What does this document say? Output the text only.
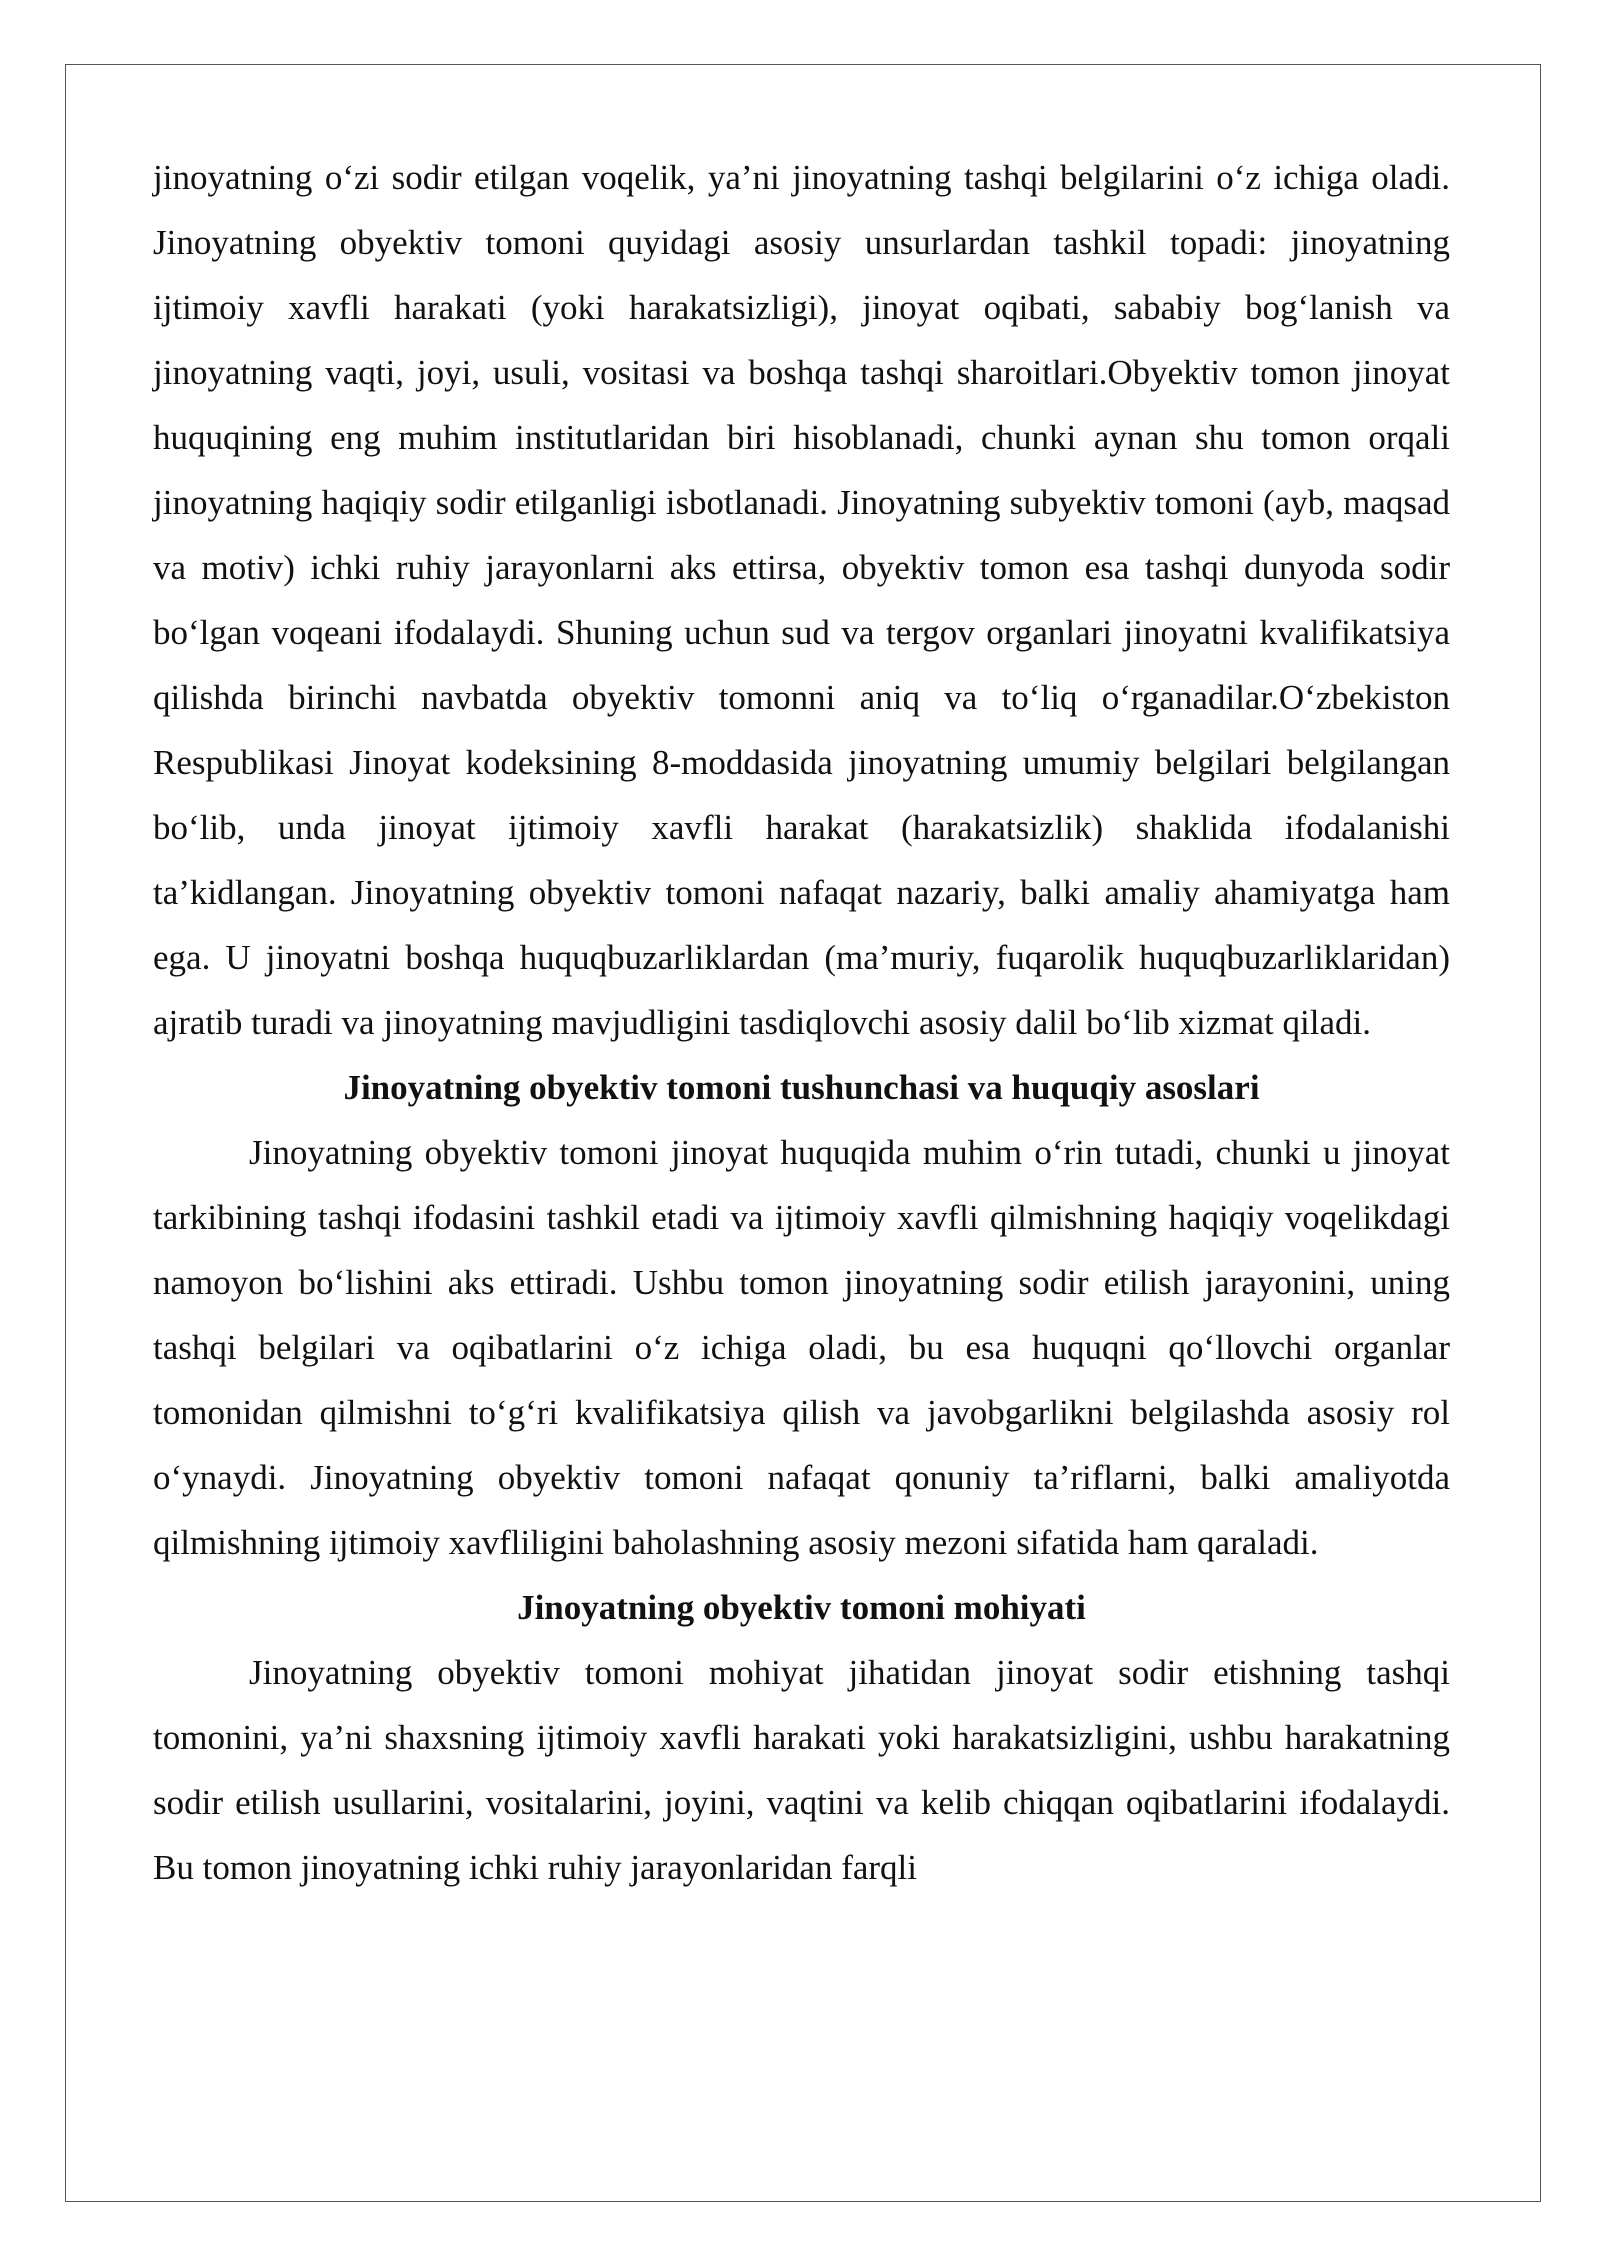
jinoyatning o‘zi sodir etilgan voqelik, ya’ni jinoyatning tashqi belgilarini o‘z ichiga oladi. Jinoyatning obyektiv tomoni quyidagi asosiy unsurlardan tashkil topadi: jinoyatning ijtimoiy xavfli harakati (yoki harakatsizligi), jinoyat oqibati, sababiy bog‘lanish va jinoyatning vaqti, joyi, usuli, vositasi va boshqa tashqi sharoitlari.Obyektiv tomon jinoyat huquqining eng muhim institutlaridan biri hisoblanadi, chunki aynan shu tomon orqali jinoyatning haqiqiy sodir etilganligi isbotlanadi. Jinoyatning subyektiv tomoni (ayb, maqsad va motiv) ichki ruhiy jarayonlarni aks ettirsa, obyektiv tomon esa tashqi dunyoda sodir bo‘lgan voqeani ifodalaydi. Shuning uchun sud va tergov organlari jinoyatni kvalifikatsiya qilishda birinchi navbatda obyektiv tomonni aniq va to‘liq o‘rganadilar.O‘zbekiston Respublikasi Jinoyat kodeksining 8-moddasida jinoyatning umumiy belgilari belgilangan bo‘lib, unda jinoyat ijtimoiy xavfli harakat (harakatsizlik) shaklida ifodalanishi ta’kidlangan. Jinoyatning obyektiv tomoni nafaqat nazariy, balki amaliy ahamiyatga ham ega. U jinoyatni boshqa huquqbuzarliklardan (ma’muriy, fuqarolik huquqbuzarliklaridan) ajratib turadi va jinoyatning mavjudligini tasdiqlovchi asosiy dalil bo‘lib xizmat qiladi.

Jinoyatning obyektiv tomoni tushunchasi va huquqiy asoslari

Jinoyatning obyektiv tomoni jinoyat huquqida muhim o‘rin tutadi, chunki u jinoyat tarkibining tashqi ifodasini tashkil etadi va ijtimoiy xavfli qilmishning haqiqiy voqelikdagi namoyon bo‘lishini aks ettiradi. Ushbu tomon jinoyatning sodir etilish jarayonini, uning tashqi belgilari va oqibatlarini o‘z ichiga oladi, bu esa huquqni qo‘llovchi organlar tomonidan qilmishni to‘g‘ri kvalifikatsiya qilish va javobgarlikni belgilashda asosiy rol o‘ynaydi. Jinoyatning obyektiv tomoni nafaqat qonuniy ta’riflarni, balki amaliyotda qilmishning ijtimoiy xavfliligini baholashning asosiy mezoni sifatida ham qaraladi.

Jinoyatning obyektiv tomoni mohiyati

Jinoyatning obyektiv tomoni mohiyat jihatidan jinoyat sodir etishning tashqi tomonini, ya’ni shaxsning ijtimoiy xavfli harakati yoki harakatsizligini, ushbu harakatning sodir etilish usullarini, vositalarini, joyini, vaqtini va kelib chiqqan oqibatlarini ifodalaydi. Bu tomon jinoyatning ichki ruhiy jarayonlaridan farqli
